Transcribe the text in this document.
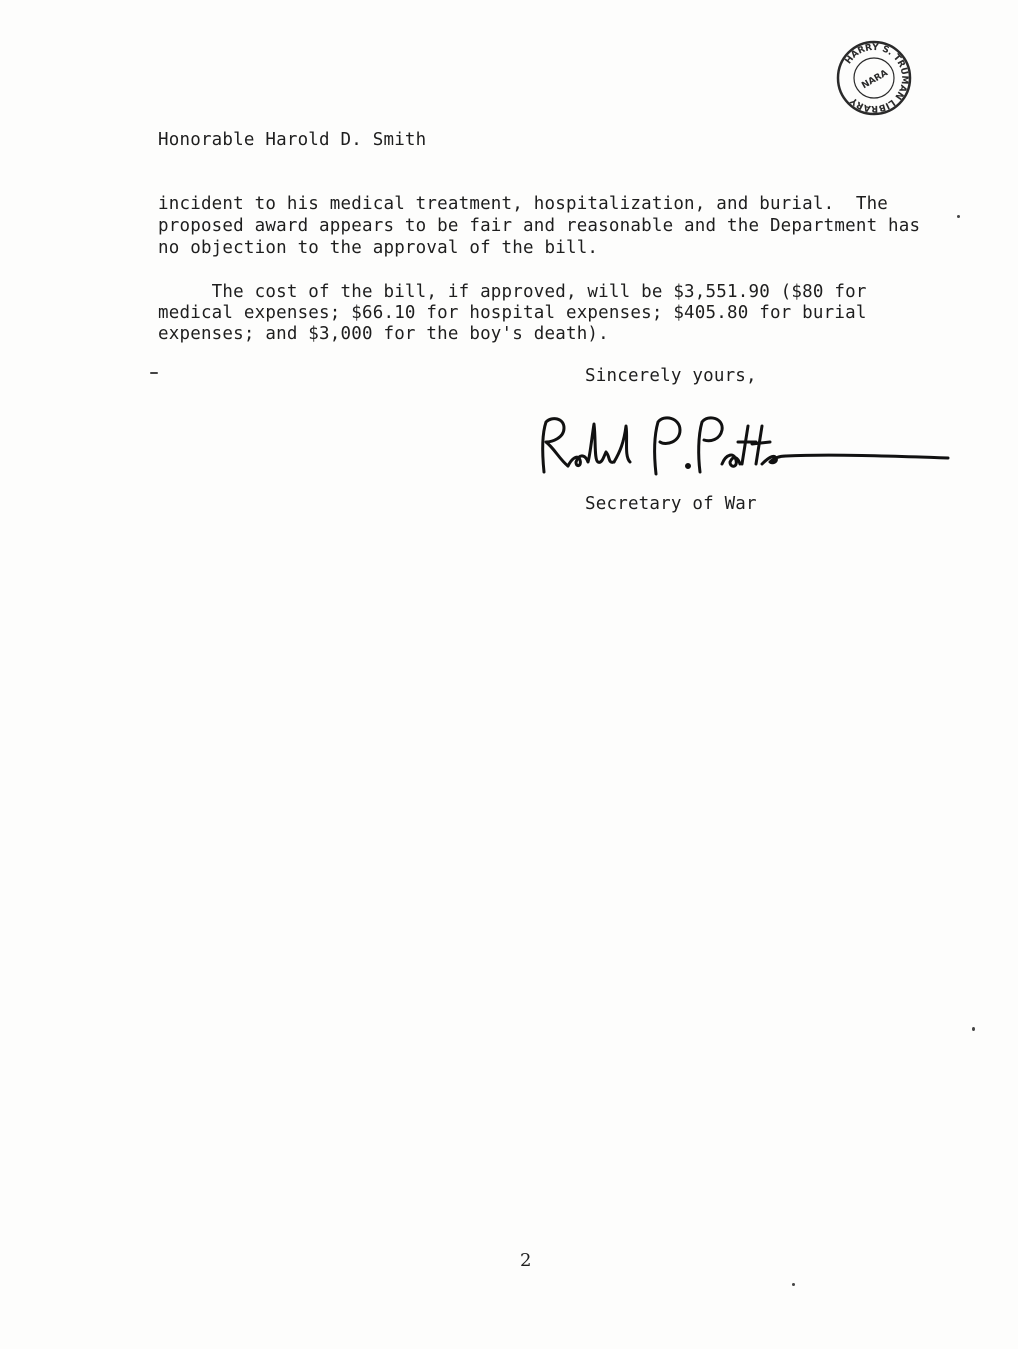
HARRY S. TRUMAN LIBRARY
NARA
Honorable Harold D. Smith
incident to his medical treatment, hospitalization, and burial.  The
proposed award appears to be fair and reasonable and the Department has
no objection to the approval of the bill.
The cost of the bill, if approved, will be $3,551.90 ($80 for
medical expenses; $66.10 for hospital expenses; $405.80 for burial
expenses; and $3,000 for the boy's death).
Sincerely yours,
Secretary of War
2
